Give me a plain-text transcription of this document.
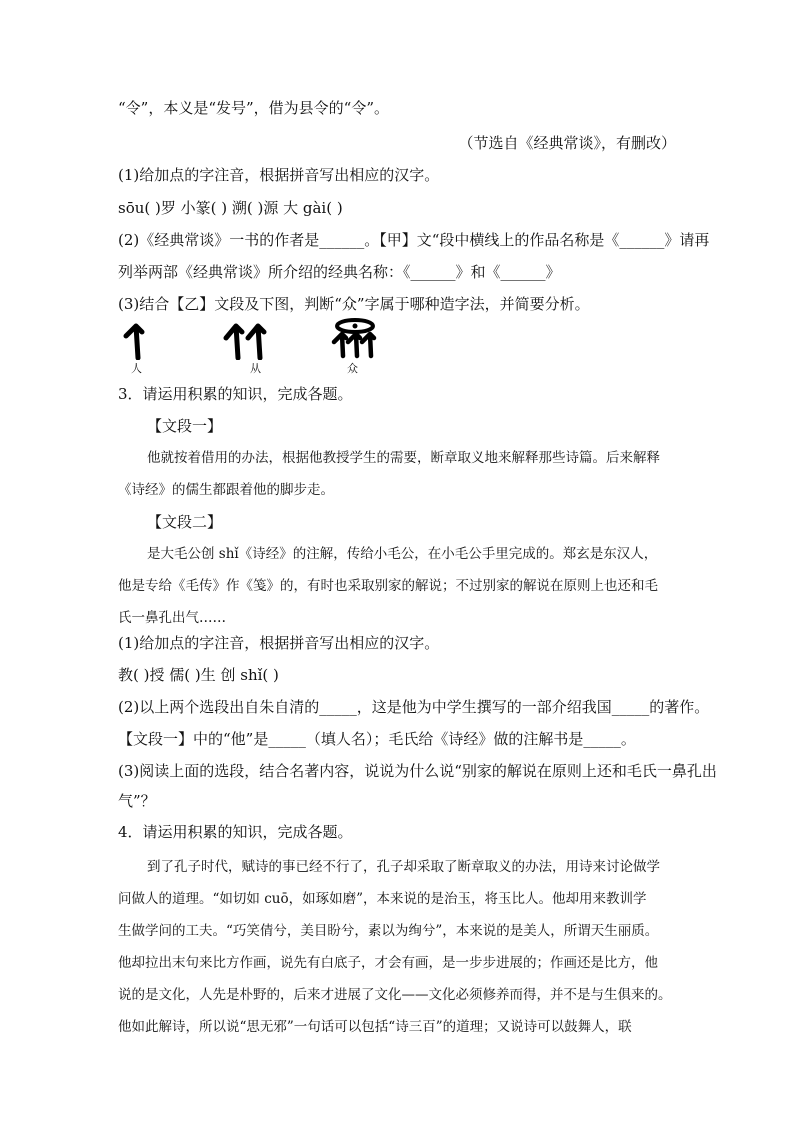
“令”，本义是“发号”，借为县令的“令”。
（节选自《经典常谈》，有删改）
(1)给加点的字注音，根据拼音写出相应的汉字。
sōu( )罗 小篆( ) 溯( )源 大 gài( )
(2)《经典常谈》一书的作者是______。【甲】文“段中横线上的作品名称是《______》请再
列举两部《经典常谈》所介绍的经典名称：《______》和《______》
(3)结合【乙】文段及下图，判断“众”字属于哪种造字法，并简要分析。
人	从	众
3．请运用积累的知识，完成各题。
【文段一】
他就按着借用的办法，根据他教授学生的需要，断章取义地来解释那些诗篇。后来解释
《诗经》的儒生都跟着他的脚步走。
【文段二】
是大毛公创 shǐ《诗经》的注解，传给小毛公，在小毛公手里完成的。郑玄是东汉人，
他是专给《毛传》作《笺》的，有时也采取别家的解说；不过别家的解说在原则上也还和毛
氏一鼻孔出气……
(1)给加点的字注音，根据拼音写出相应的汉字。
教( )授 儒( )生 创 shǐ( )
(2)以上两个选段出自朱自清的_____，这是他为中学生撰写的一部介绍我国_____的著作。
【文段一】中的“他”是_____（填人名）；毛氏给《诗经》做的注解书是_____。
(3)阅读上面的选段，结合名著内容，说说为什么说“别家的解说在原则上还和毛氏一鼻孔出
气”？
4．请运用积累的知识，完成各题。
到了孔子时代，赋诗的事已经不行了，孔子却采取了断章取义的办法，用诗来讨论做学
问做人的道理。“如切如 cuō，如琢如磨”，本来说的是治玉，将玉比人。他却用来教训学
生做学问的工夫。“巧笑倩兮，美目盼兮，素以为绚兮”，本来说的是美人，所谓天生丽质。
他却拉出末句来比方作画，说先有白底子，才会有画，是一步步进展的；作画还是比方，他
说的是文化，人先是朴野的，后来才进展了文化——文化必须修养而得，并不是与生俱来的。
他如此解诗，所以说“思无邪”一句话可以包括“诗三百”的道理；又说诗可以鼓舞人，联
